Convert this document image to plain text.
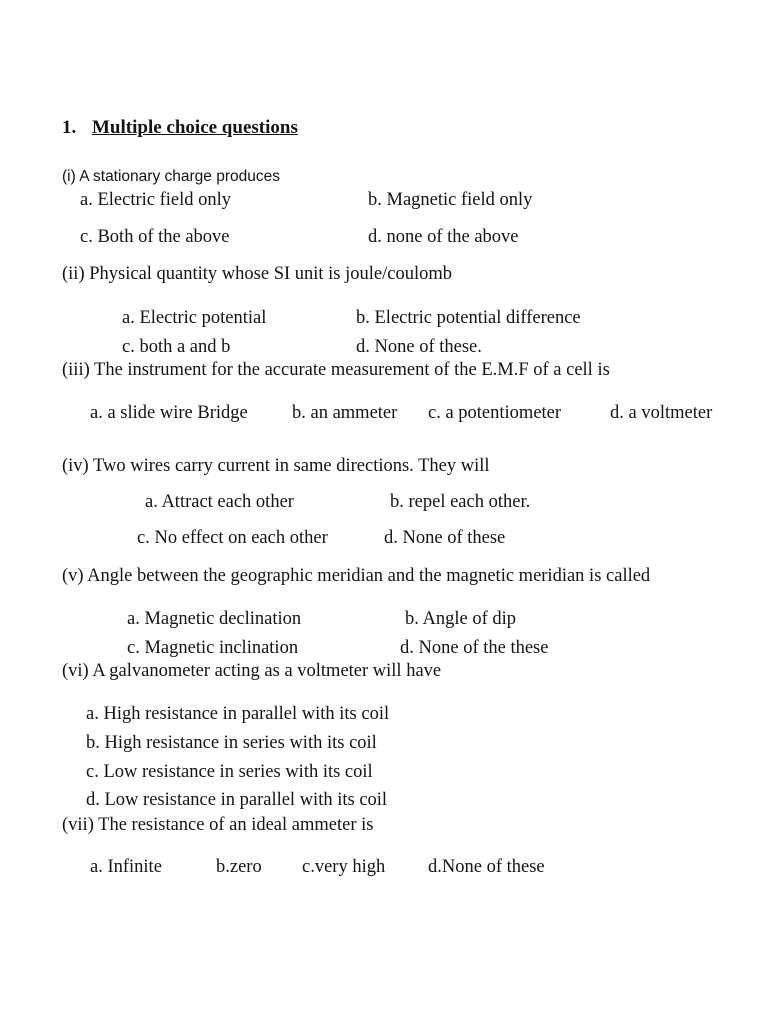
1. Multiple choice questions
(i) A stationary charge produces
a. Electric field only	b. Magnetic field only
c. Both of the above	d. none of the above
(ii) Physical quantity whose SI unit is joule/coulomb
a. Electric potential	b. Electric potential difference
c. both a and b	d. None of these.
(iii) The instrument for the accurate measurement of the E.M.F of a cell is
a. a slide wire Bridge b. an ammeter c. a potentiometer	d. a voltmeter
(iv) Two wires carry current in same directions. They will
a. Attract each other	b. repel each other.
c. No effect on each other	d. None of these
(v) Angle between the geographic meridian and the magnetic meridian is called
a. Magnetic declination	b. Angle of dip
c. Magnetic inclination	d. None of the these
(vi) A galvanometer acting as a voltmeter will have
a. High resistance in parallel with its coil
b. High resistance in series with its coil
c. Low resistance in series with its coil
d. Low resistance in parallel with its coil
(vii) The resistance of an ideal ammeter is
a. Infinite	b.zero c.very high d.None of these
